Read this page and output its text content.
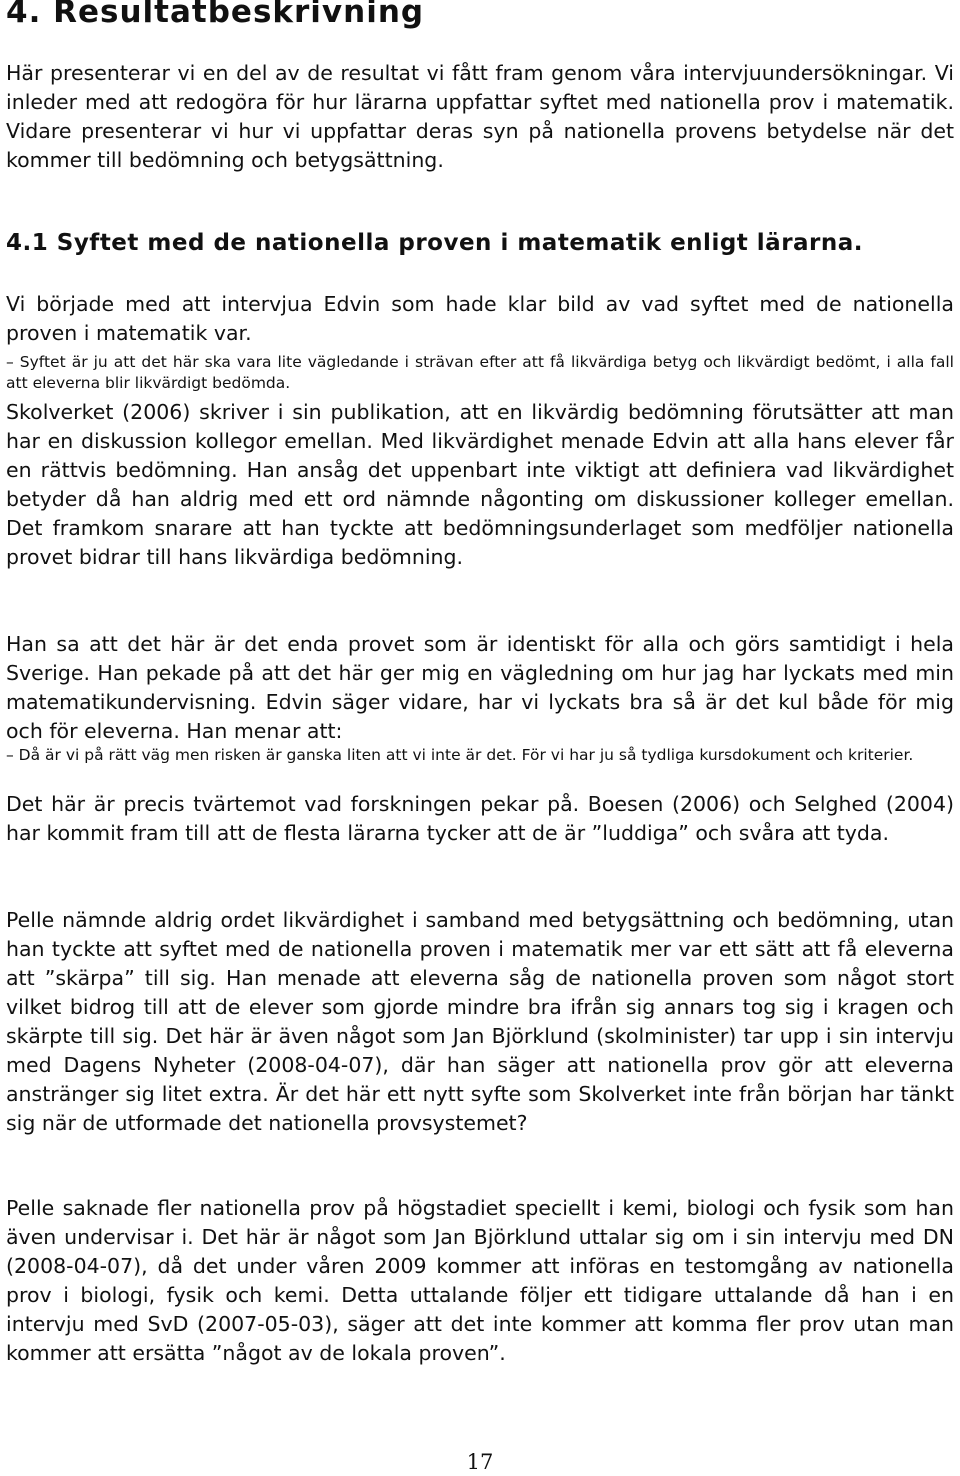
4. Resultatbeskrivning

Här presenterar vi en del av de resultat vi fått fram genom våra intervjuundersökningar. Vi inleder med att redogöra för hur lärarna uppfattar syftet med nationella prov i matematik. Vidare presenterar vi hur vi uppfattar deras syn på nationella provens betydelse när det kommer till bedömning och betygsättning.

4.1 Syftet med de nationella proven i matematik enligt lärarna.

Vi började med att intervjua Edvin som hade klar bild av vad syftet med de nationella proven i matematik var.

– Syftet är ju att det här ska vara lite vägledande i strävan efter att få likvärdiga betyg och likvärdigt bedömt, i alla fall att eleverna blir likvärdigt bedömda.

Skolverket (2006) skriver i sin publikation, att en likvärdig bedömning förutsätter att man har en diskussion kollegor emellan. Med likvärdighet menade Edvin att alla hans elever får en rättvis bedömning. Han ansåg det uppenbart inte viktigt att definiera vad likvärdighet betyder då han aldrig med ett ord nämnde någonting om diskussioner kolleger emellan. Det framkom snarare att han tyckte att bedömningsunderlaget som medföljer nationella provet bidrar till hans likvärdiga bedömning.

Han sa att det här är det enda provet som är identiskt för alla och görs samtidigt i hela Sverige. Han pekade på att det här ger mig en vägledning om hur jag har lyckats med min matematikundervisning. Edvin säger vidare, har vi lyckats bra så är det kul både för mig och för eleverna. Han menar att:

– Då är vi på rätt väg men risken är ganska liten att vi inte är det. För vi har ju så tydliga kursdokument och kriterier.

Det här är precis tvärtemot vad forskningen pekar på. Boesen (2006) och Selghed (2004) har kommit fram till att de flesta lärarna tycker att de är ”luddiga” och svåra att tyda.

Pelle nämnde aldrig ordet likvärdighet i samband med betygsättning och bedömning, utan han tyckte att syftet med de nationella proven i matematik mer var ett sätt att få eleverna att ”skärpa” till sig. Han menade att eleverna såg de nationella proven som något stort vilket bidrog till att de elever som gjorde mindre bra ifrån sig annars tog sig i kragen och skärpte till sig. Det här är även något som Jan Björklund (skolminister) tar upp i sin intervju med Dagens Nyheter (2008-04-07), där han säger att nationella prov gör att eleverna anstränger sig litet extra. Är det här ett nytt syfte som Skolverket inte från början har tänkt sig när de utformade det nationella provsystemet?

Pelle saknade fler nationella prov på högstadiet speciellt i kemi, biologi och fysik som han även undervisar i. Det här är något som Jan Björklund uttalar sig om i sin intervju med DN (2008-04-07), då det under våren 2009 kommer att införas en testomgång av nationella prov i biologi, fysik och kemi. Detta uttalande följer ett tidigare uttalande då han i en intervju med SvD (2007-05-03), säger att det inte kommer att komma fler prov utan man kommer att ersätta ”något av de lokala proven”.

17
